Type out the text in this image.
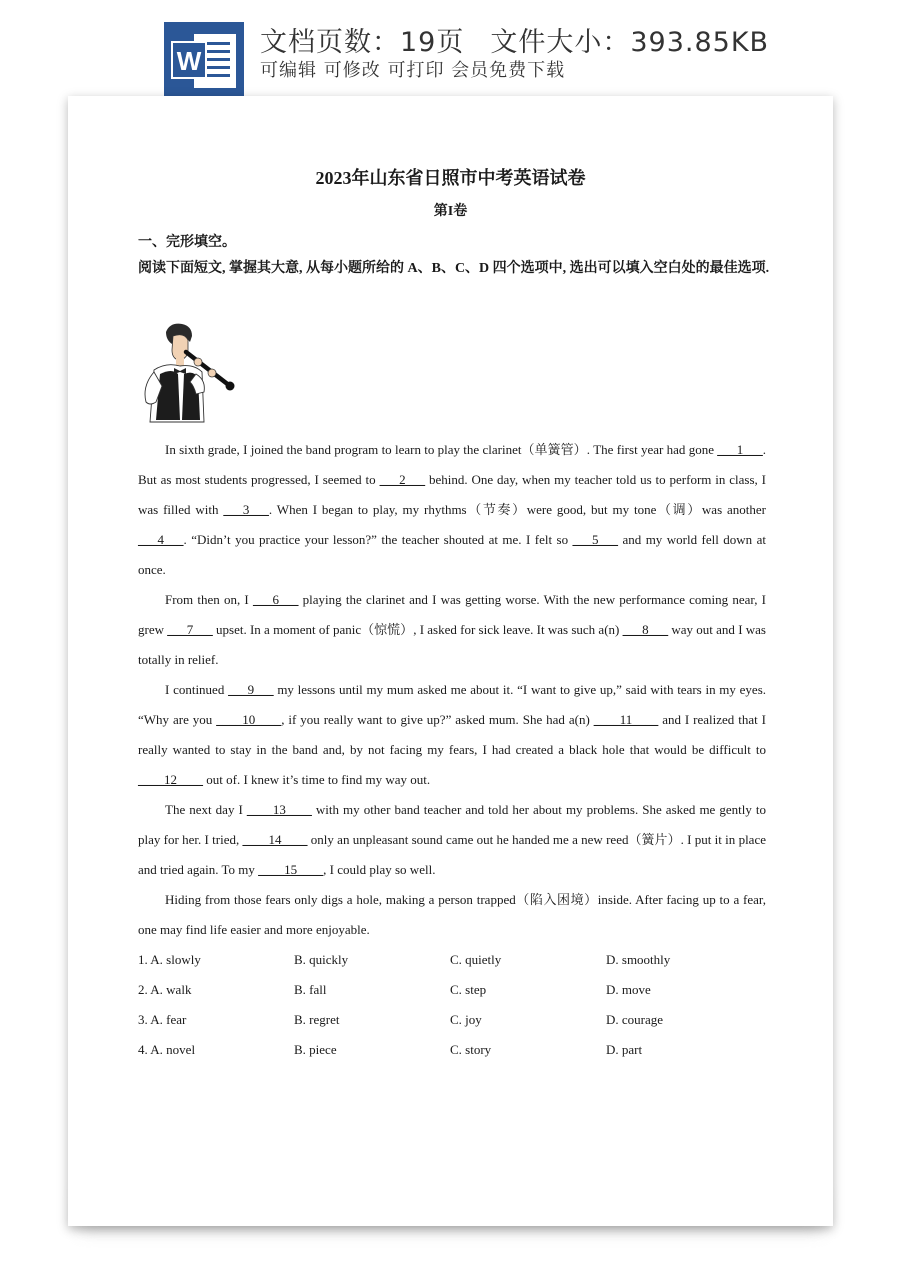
W
文档页数：19页 文件大小：393.85KB
可编辑 可修改 可打印 会员免费下载
2023年山东省日照市中考英语试卷
第I卷
一、完形填空。
阅读下面短文, 掌握其大意, 从每小题所给的 A、B、C、D 四个选项中, 选出可以填入空白处的最佳选项.

In sixth grade, I joined the band program to learn to play the clarinet（单簧管）. The first year had gone ___1___. But as most students progressed, I seemed to ___2___ behind. One day, when my teacher told us to perform in class, I was filled with ___3___. When I began to play, my rhythms（节奏）were good, but my tone（调）was another ___4___. “Didn’t you practice your lesson?” the teacher shouted at me. I felt so ___5___ and my world fell down at once.

From then on, I ___6___ playing the clarinet and I was getting worse. With the new performance coming near, I grew ___7___ upset. In a moment of panic（惊慌）, I asked for sick leave. It was such a(n) ___8___ way out and I was totally in relief.

I continued ___9___ my lessons until my mum asked me about it. “I want to give up,” said with tears in my eyes. “Why are you ____10____, if you really want to give up?” asked mum. She had a(n) ____11____ and I realized that I really wanted to stay in the band and, by not facing my fears, I had created a black hole that would be difficult to ____12____ out of. I knew it’s time to find my way out.

The next day I ____13____ with my other band teacher and told her about my problems. She asked me gently to play for her. I tried, ____14____ only an unpleasant sound came out he handed me a new reed（簧片）. I put it in place and tried again. To my ____15____, I could play so well.

Hiding from those fears only digs a hole, making a person trapped（陷入困境）inside. After facing up to a fear, one may find life easier and more enjoyable.

1. A. slowly	B. quickly	C. quietly	D. smoothly
2. A. walk	B. fall	C. step	D. move
3. A. fear	B. regret	C. joy	D. courage
4. A. novel	B. piece	C. story	D. part
